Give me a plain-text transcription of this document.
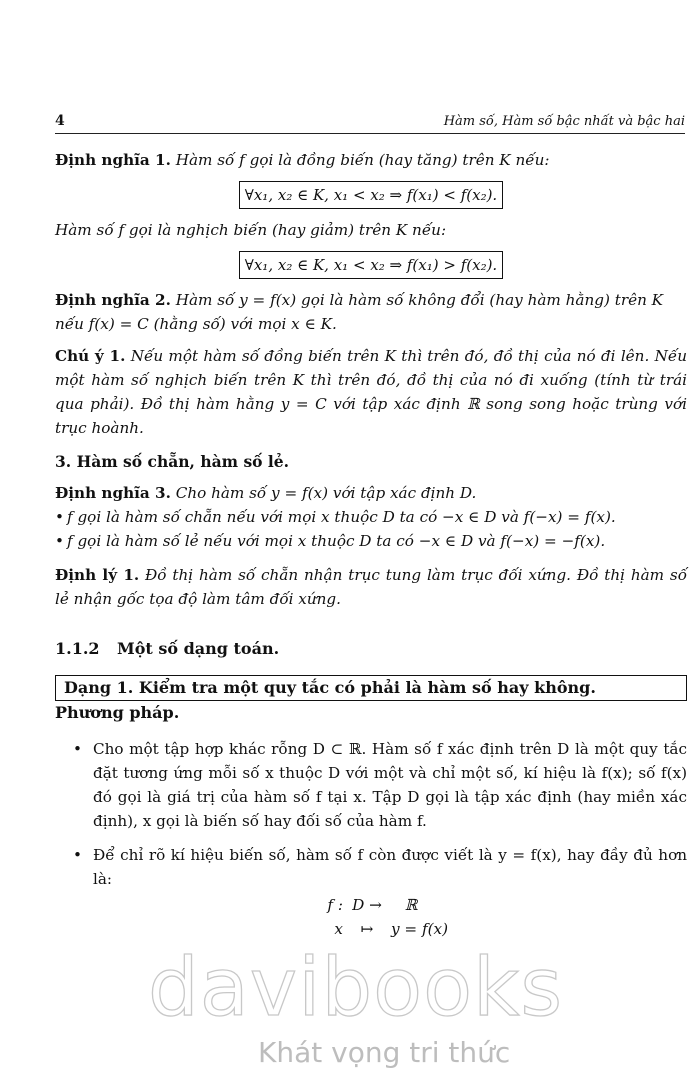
4	Hàm số, Hàm số bậc nhất và bậc hai

Định nghĩa 1. Hàm số f gọi là đồng biến (hay tăng) trên K nếu:

∀x₁, x₂ ∈ K, x₁ < x₂ ⇒ f(x₁) < f(x₂).

Hàm số f gọi là nghịch biến (hay giảm) trên K nếu:

∀x₁, x₂ ∈ K, x₁ < x₂ ⇒ f(x₁) > f(x₂).

Định nghĩa 2. Hàm số y = f(x) gọi là hàm số không đổi (hay hàm hằng) trên K nếu f(x) = C (hằng số) với mọi x ∈ K.

Chú ý 1. Nếu một hàm số đồng biến trên K thì trên đó, đồ thị của nó đi lên. Nếu một hàm số nghịch biến trên K thì trên đó, đồ thị của nó đi xuống (tính từ trái qua phải). Đồ thị hàm hằng y = C với tập xác định ℝ song song hoặc trùng với trục hoành.

3. Hàm số chẵn, hàm số lẻ.

Định nghĩa 3. Cho hàm số y = f(x) với tập xác định D.

• f gọi là hàm số chẵn nếu với mọi x thuộc D ta có −x ∈ D và f(−x) = f(x).
• f gọi là hàm số lẻ nếu với mọi x thuộc D ta có −x ∈ D và f(−x) = −f(x).

Định lý 1. Đồ thị hàm số chẵn nhận trục tung làm trục đối xứng. Đồ thị hàm số lẻ nhận gốc tọa độ làm tâm đối xứng.

1.1.2 Một số dạng toán.
Dạng 1. Kiểm tra một quy tắc có phải là hàm số hay không.
Phương pháp.
• Cho một tập hợp khác rỗng D ⊂ ℝ. Hàm số f xác định trên D là một quy tắc đặt tương ứng mỗi số x thuộc D với một và chỉ một số, kí hiệu là f(x); số f(x) đó gọi là giá trị của hàm số f tại x. Tập D gọi là tập xác định (hay miền xác định), x gọi là biến số hay đối số của hàm f.
• Để chỉ rõ kí hiệu biến số, hàm số f còn được viết là y = f(x), hay đầy đủ hơn là:
f : D →	ℝ
x	↦	y = f(x)
davibooks
Khát vọng tri thức
